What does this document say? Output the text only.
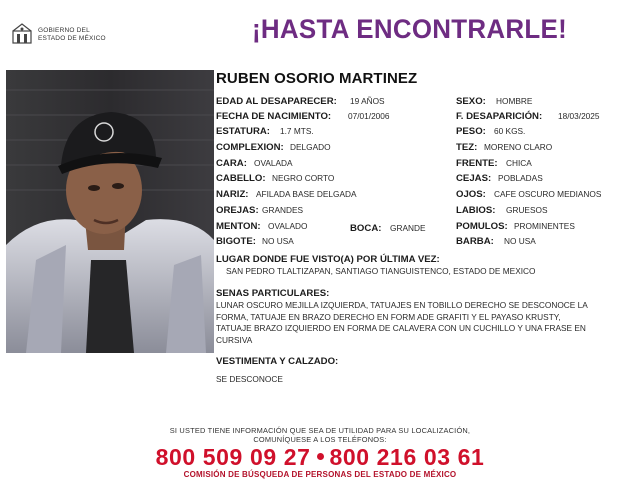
GOBIERNO DEL
ESTADO DE MÉXICO	¡HASTA ENCONTRARLE!
RUBEN OSORIO MARTINEZ
EDAD AL DESAPARECER: 19 AÑOS
FECHA DE NACIMIENTO: 07/01/2006
ESTATURA: 1.7 MTS.
COMPLEXION: DELGADO
CARA: OVALADA
CABELLO: NEGRO CORTO
NARIZ: AFILADA BASE DELGADA
OREJAS: GRANDES
MENTON: OVALADO	BOCA: GRANDE
BIGOTE: NO USA
SEXO: HOMBRE
F. DESAPARICIÓN: 18/03/2025
PESO: 60 KGS.
TEZ: MORENO CLARO
FRENTE: CHICA
CEJAS: POBLADAS
OJOS: CAFE OSCURO MEDIANOS
LABIOS: GRUESOS
POMULOS: PROMINENTES
BARBA: NO USA
LUGAR DONDE FUE VISTO(A) POR ÚLTIMA VEZ:
SAN PEDRO TLALTIZAPAN, SANTIAGO TIANGUISTENCO, ESTADO DE MEXICO
SENAS PARTICULARES:
LUNAR OSCURO MEJILLA IZQUIERDA, TATUAJES EN TOBILLO DERECHO SE DESCONOCE LA FORMA, TATUAJE EN BRAZO DERECHO EN FORM ADE GRAFITI Y EL PAYASO KRUSTY, TATUAJE BRAZO IZQUIERDO EN FORMA DE CALAVERA CON UN CUCHILLO Y UNA FRASE EN CURSIVA
VESTIMENTA Y CALZADO:
SE DESCONOCE
SI USTED TIENE INFORMACIÓN QUE SEA DE UTILIDAD PARA SU LOCALIZACIÓN,
COMUNÍQUESE A LOS TELÉFONOS:
800 509 09 27 800 216 03 61
COMISIÓN DE BÚSQUEDA DE PERSONAS DEL ESTADO DE MÉXICO
